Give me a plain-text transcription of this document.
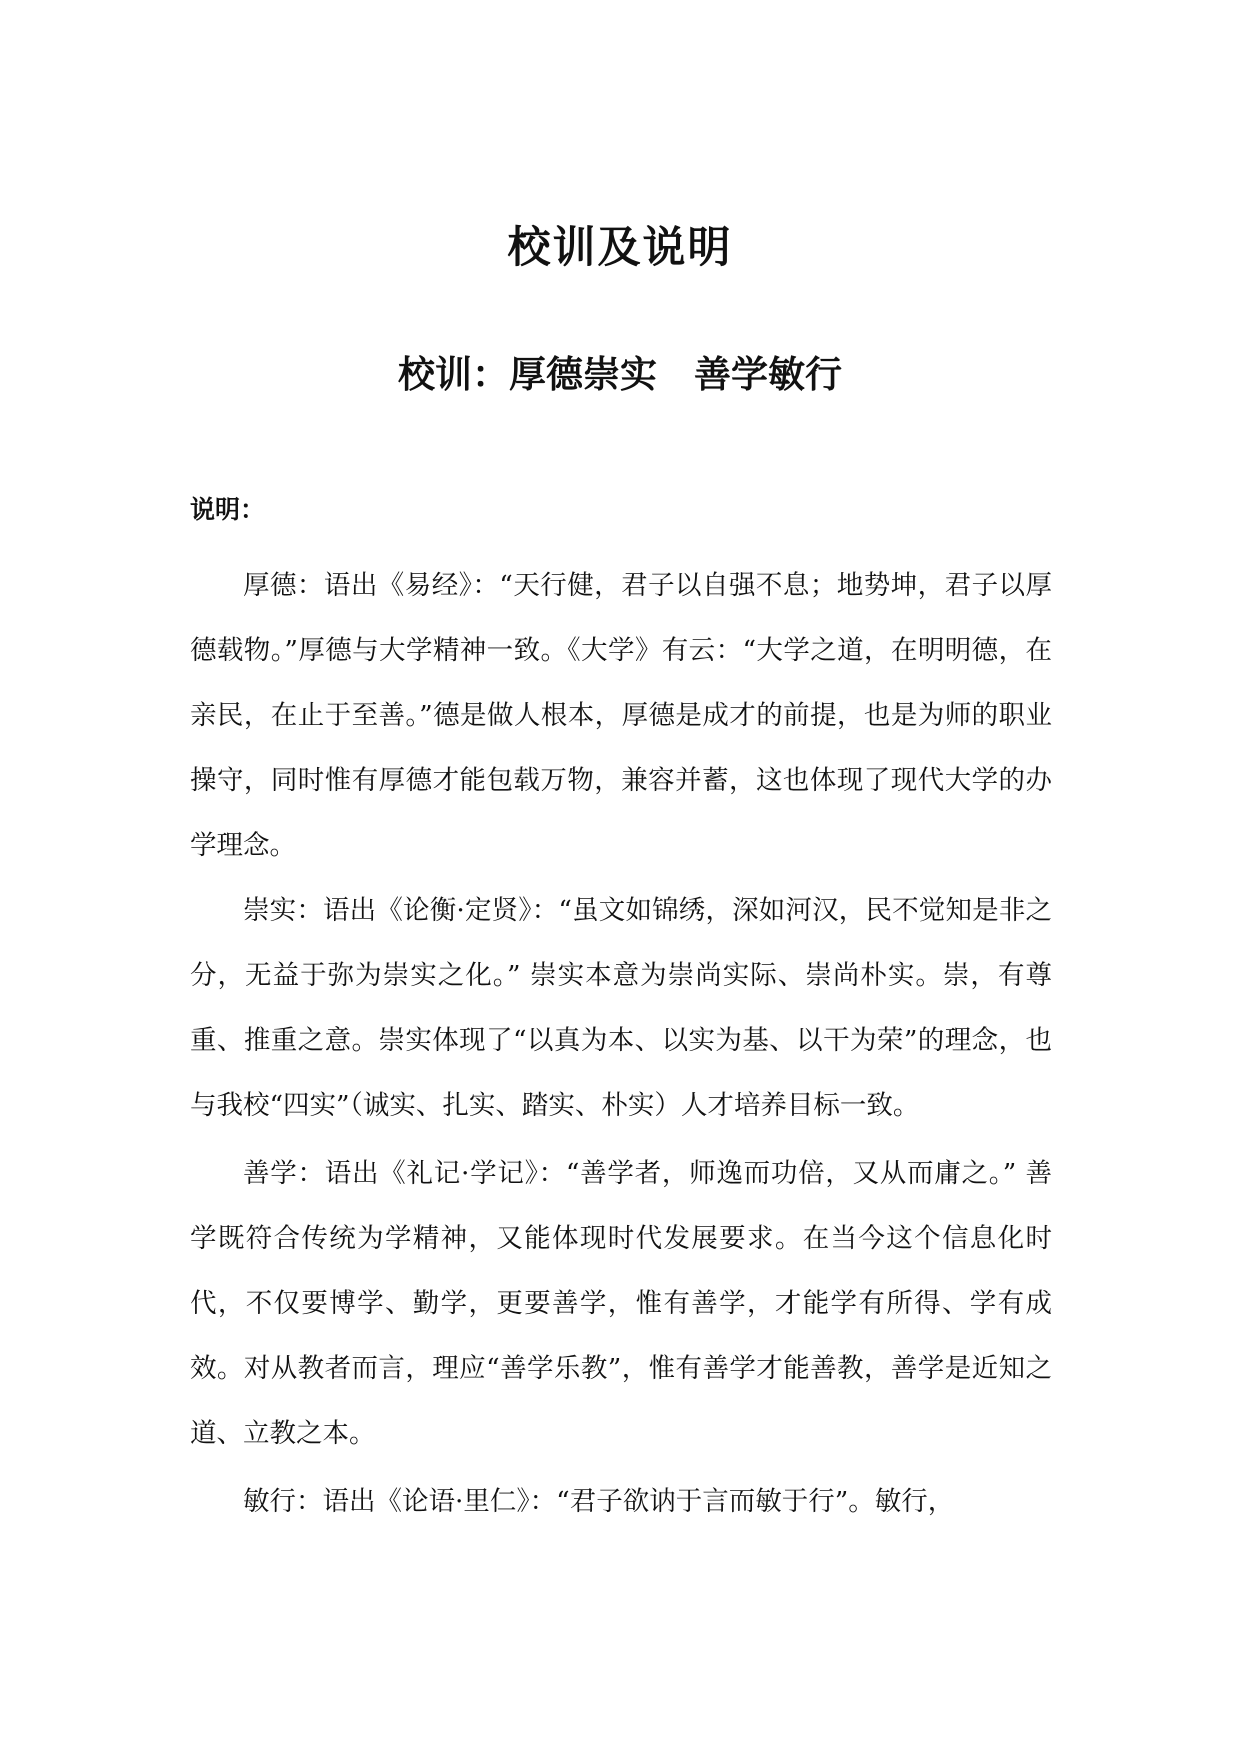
校训及说明
校训：厚德崇实　善学敏行
说明：

厚德：语出《易经》：“天行健，君子以自强不息；地势坤，君子以厚德载物。”厚德与大学精神一致。《大学》有云：“大学之道，在明明德，在亲民，在止于至善。”德是做人根本，厚德是成才的前提，也是为师的职业操守，同时惟有厚德才能包载万物，兼容并蓄，这也体现了现代大学的办学理念。

崇实：语出《论衡·定贤》：“虽文如锦绣，深如河汉，民不觉知是非之分，无益于弥为崇实之化。” 崇实本意为崇尚实际、崇尚朴实。崇，有尊重、推重之意。崇实体现了“以真为本、以实为基、以干为荣”的理念，也与我校“四实”（诚实、扎实、踏实、朴实）人才培养目标一致。

善学：语出《礼记·学记》：“善学者，师逸而功倍，又从而庸之。” 善学既符合传统为学精神，又能体现时代发展要求。在当今这个信息化时代，不仅要博学、勤学，更要善学，惟有善学，才能学有所得、学有成效。对从教者而言，理应“善学乐教”，惟有善学才能善教，善学是近知之道、立教之本。

敏行：语出《论语·里仁》：“君子欲讷于言而敏于行”。敏行，
